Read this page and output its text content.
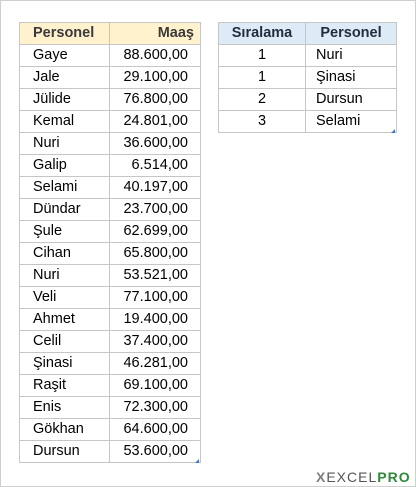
Personel	Maaş
Gaye	88.600,00
Jale	29.100,00
Jülide	76.800,00
Kemal	24.801,00
Nuri	36.600,00
Galip	6.514,00
Selami	40.197,00
Dündar	23.700,00
Şule	62.699,00
Cihan	65.800,00
Nuri	53.521,00
Veli	77.100,00
Ahmet	19.400,00
Celil	37.400,00
Şinasi	46.281,00
Raşit	69.100,00
Enis	72.300,00
Gökhan	64.600,00
Dursun	53.600,00
Sıralama	Personel
1	Nuri
1	Şinasi
2	Dursun
3	Selami
XEXCELPRO
